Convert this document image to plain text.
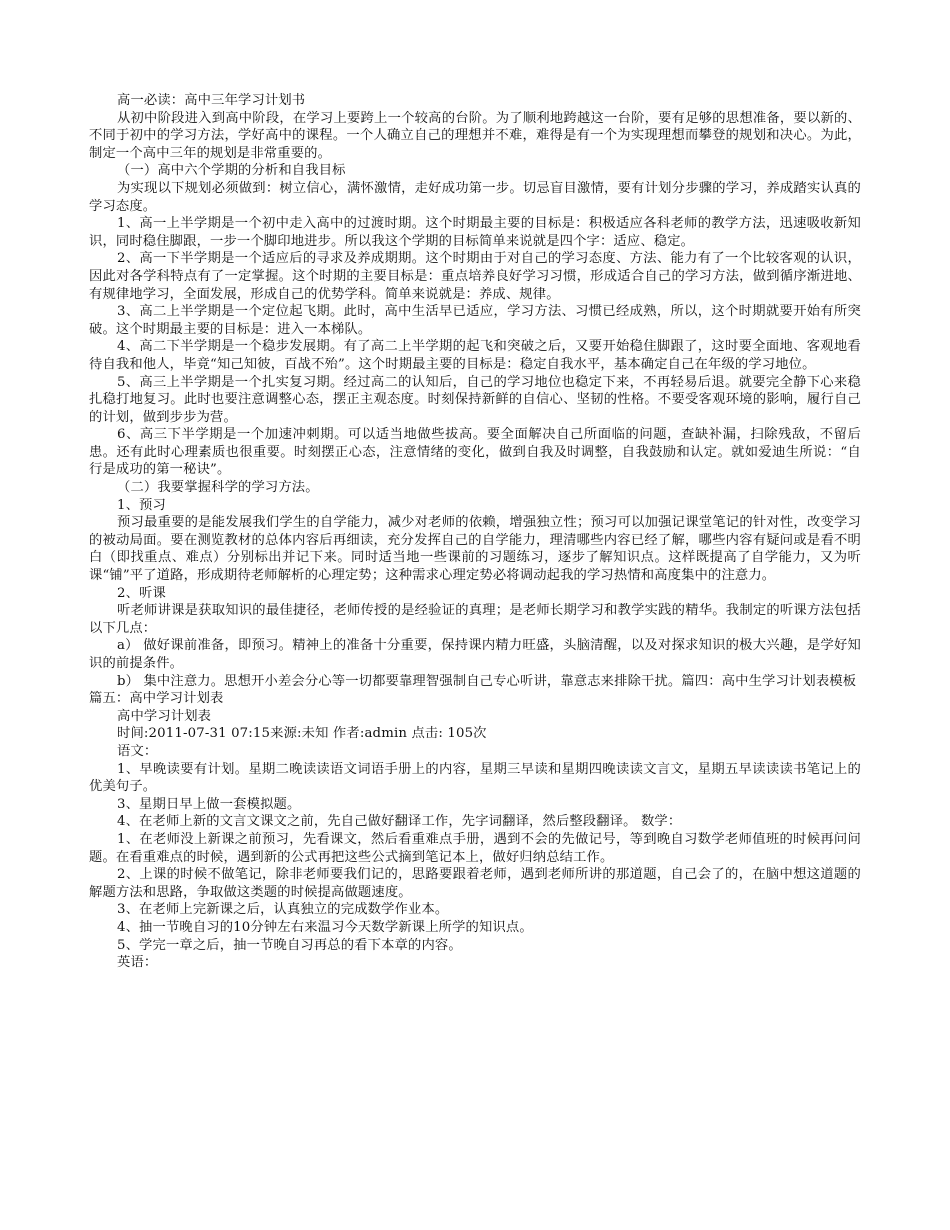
高一必读：高中三年学习计划书

从初中阶段进入到高中阶段，在学习上要跨上一个较高的台阶。为了顺利地跨越这一台阶，要有足够的思想准备，要以新的、不同于初中的学习方法，学好高中的课程。一个人确立自己的理想并不难，难得是有一个为实现理想而攀登的规划和决心。为此，制定一个高中三年的规划是非常重要的。

（一）高中六个学期的分析和自我目标

为实现以下规划必须做到：树立信心，满怀激情，走好成功第一步。切忌盲目激情，要有计划分步骤的学习，养成踏实认真的学习态度。

1、高一上半学期是一个初中走入高中的过渡时期。这个时期最主要的目标是：积极适应各科老师的教学方法，迅速吸收新知识，同时稳住脚跟，一步一个脚印地进步。所以我这个学期的目标简单来说就是四个字：适应、稳定。

2、高一下半学期是一个适应后的寻求及养成期期。这个时期由于对自己的学习态度、方法、能力有了一个比较客观的认识，因此对各学科特点有了一定掌握。这个时期的主要目标是：重点培养良好学习习惯，形成适合自己的学习方法，做到循序渐进地、有规律地学习，全面发展，形成自己的优势学科。简单来说就是：养成、规律。

3、高二上半学期是一个定位起飞期。此时，高中生活早已适应，学习方法、习惯已经成熟，所以，这个时期就要开始有所突破。这个时期最主要的目标是：进入一本梯队。

4、高二下半学期是一个稳步发展期。有了高二上半学期的起飞和突破之后，又要开始稳住脚跟了，这时要全面地、客观地看待自我和他人，毕竟“知己知彼，百战不殆”。这个时期最主要的目标是：稳定自我水平，基本确定自己在年级的学习地位。

5、高三上半学期是一个扎实复习期。经过高二的认知后，自己的学习地位也稳定下来，不再轻易后退。就要完全静下心来稳扎稳打地复习。此时也要注意调整心态，摆正主观态度。时刻保持新鲜的自信心、坚韧的性格。不要受客观环境的影响，履行自己的计划，做到步步为营。

6、高三下半学期是一个加速冲刺期。可以适当地做些拔高。要全面解决自己所面临的问题，查缺补漏，扫除残敌，不留后患。还有此时心理素质也很重要。时刻摆正心态，注意情绪的变化，做到自我及时调整，自我鼓励和认定。就如爱迪生所说：“自行是成功的第一秘诀”。

（二）我要掌握科学的学习方法。

1、预习

预习最重要的是能发展我们学生的自学能力，减少对老师的依赖，增强独立性；预习可以加强记课堂笔记的针对性，改变学习的被动局面。要在测览教材的总体内容后再细读，充分发挥自己的自学能力，理清哪些内容已经了解，哪些内容有疑问或是看不明白（即找重点、难点）分别标出并记下来。同时适当地一些课前的习题练习，逐步了解知识点。这样既提高了自学能力，又为听课“铺”平了道路，形成期待老师解析的心理定势；这种需求心理定势必将调动起我的学习热情和高度集中的注意力。

2、听课

听老师讲课是获取知识的最佳捷径，老师传授的是经验证的真理；是老师长期学习和教学实践的精华。我制定的听课方法包括以下几点：

a） 做好课前准备，即预习。精神上的准备十分重要，保持课内精力旺盛，头脑清醒，以及对探求知识的极大兴趣，是学好知识的前提条件。

b） 集中注意力。思想开小差会分心等一切都要靠理智强制自己专心听讲，靠意志来排除干扰。篇四：高中生学习计划表模板

篇五：高中学习计划表

高中学习计划表

时间:2011-07-31 07:15来源:未知 作者:admin 点击: 105次

语文：

1、早晚读要有计划。星期二晚读读语文词语手册上的内容，星期三早读和星期四晚读读文言文，星期五早读读读书笔记上的优美句子。

3、星期日早上做一套模拟题。

4、在老师上新的文言文课文之前，先自己做好翻译工作，先字词翻译，然后整段翻译。 数学：

1、在老师没上新课之前预习，先看课文，然后看重难点手册，遇到不会的先做记号，等到晚自习数学老师值班的时候再问问题。在看重难点的时候，遇到新的公式再把这些公式摘到笔记本上，做好归纳总结工作。

2、上课的时候不做笔记，除非老师要我们记的，思路要跟着老师，遇到老师所讲的那道题，自己会了的，在脑中想这道题的解题方法和思路，争取做这类题的时候提高做题速度。

3、在老师上完新课之后，认真独立的完成数学作业本。

4、抽一节晚自习的10分钟左右来温习今天数学新课上所学的知识点。

5、学完一章之后，抽一节晚自习再总的看下本章的内容。

英语：
